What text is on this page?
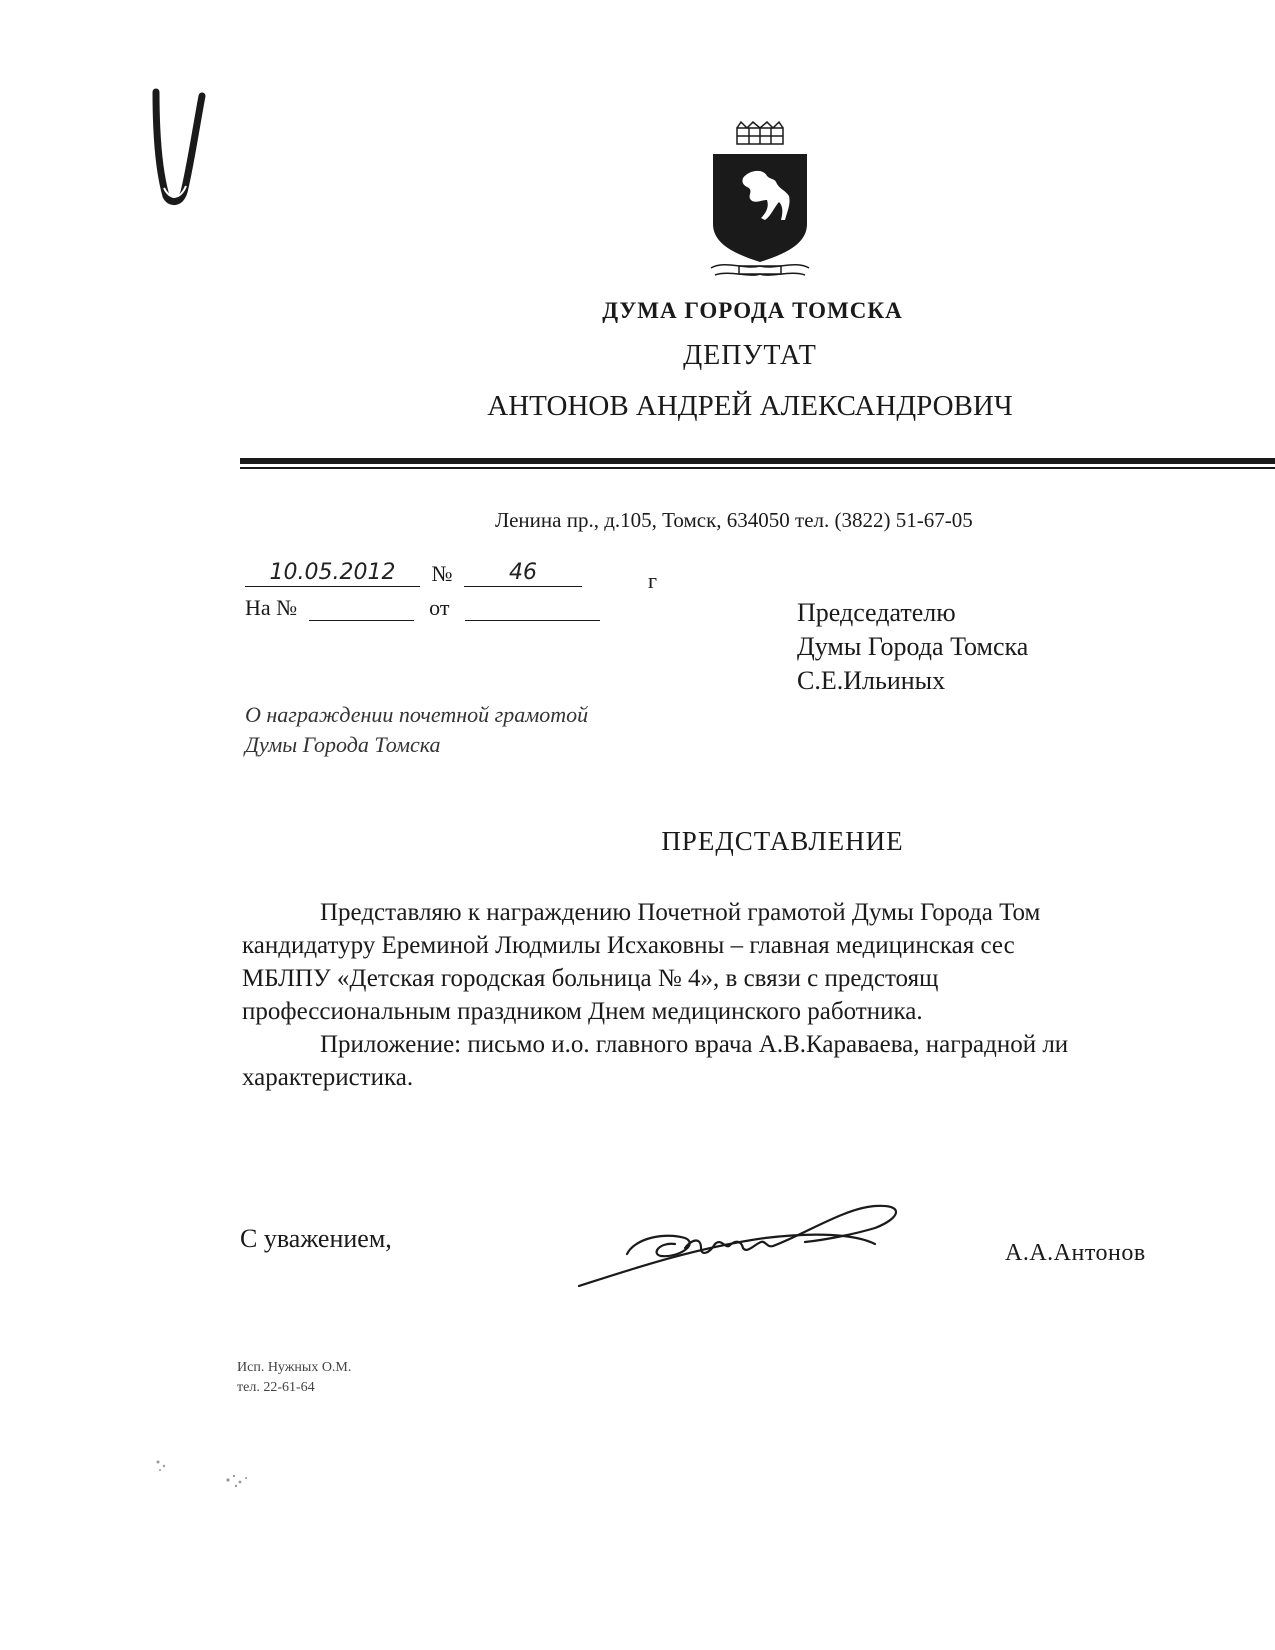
ДУМА ГОРОДА ТОМСКА
ДЕПУТАТ
АНТОНОВ АНДРЕЙ АЛЕКСАНДРОВИЧ
Ленина пр., д.105, Томск, 634050 тел. (3822) 51-67-05
10.05.2012 №	46	г
На №	от	Председателю
Думы Города Томска
С.Е.Ильиных
О награждении почетной грамотой
Думы Города Томска
ПРЕДСТАВЛЕНИЕ

Представляю к награждению Почетной грамотой Думы Города Том

кандидатуру Ереминой Людмилы Исхаковны – главная медицинская сес

МБЛПУ «Детская городская больница № 4», в связи с предстоящ

профессиональным праздником Днем медицинского работника.

Приложение: письмо и.о. главного врача А.В.Караваева, наградной ли

характеристика.

С уважением,	А.А.Антонов
Исп. Нужных О.М.
тел. 22-61-64
